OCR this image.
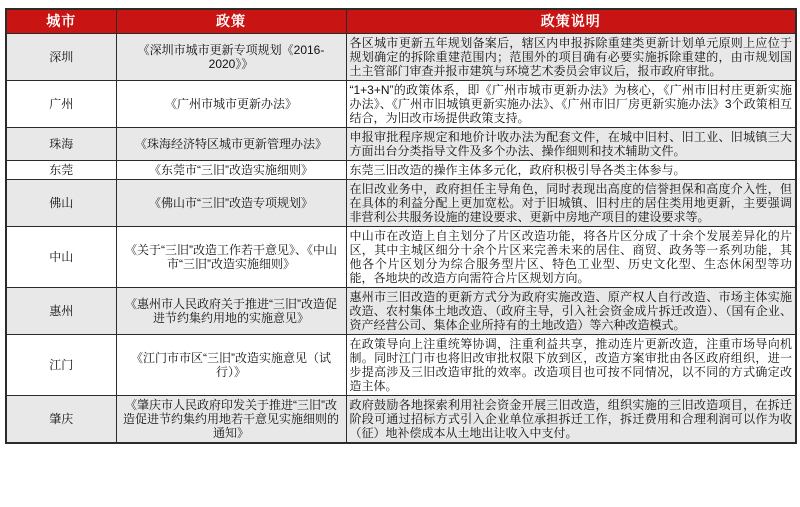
城市	政策	政策说明
深圳	《深圳市城市更新专项规划《2016-2020》》	各区城市更新五年规划备案后，辖区内申报拆除重建类更新计划单元原则上应位于规划确定的拆除重建范围内；范围外的项目确有必要实施拆除重建的，由市规划国土主管部门审查并报市建筑与环境艺术委员会审议后，报市政府审批。
广州	《广州市城市更新办法》	“1+3+N”的政策体系，即《广州市城市更新办法》为核心，《广州市旧村庄更新实施办法》、《广州市旧城镇更新实施办法》、《广州市旧厂房更新实施办法》3个政策相互结合，为旧改市场提供政策支持。
珠海	《珠海经济特区城市更新管理办法》	申报审批程序规定和地价计收办法为配套文件，在城中旧村、旧工业、旧城镇三大方面出台分类指导文件及多个办法、操作细则和技术辅助文件。
东莞	《东莞市“三旧”改造实施细则》	东莞三旧改造的操作主体多元化，政府积极引导各类主体参与。
佛山	《佛山市“三旧”改造专项规划》	在旧改业务中，政府担任主导角色，同时表现出高度的信誉担保和高度介入性，但在具体的利益分配上更加宽松。对于旧城镇、旧村庄的居住类用地更新，主要强调非营利公共服务设施的建设要求、更新中房地产项目的建设要求等。
中山	《关于“三旧”改造工作若干意见》、《中山市“三旧”改造实施细则》	中山市在改造上自主划分了片区改造功能，将各片区分成了十余个发展差异化的片区，其中主城区细分十余个片区来完善未来的居住、商贸、政务等一系列功能，其他各个片区划分为综合服务型片区、特色工业型、历史文化型、生态休闲型等功能，各地块的改造方向需符合片区规划方向。
惠州	《惠州市人民政府关于推进“三旧”改造促进节约集约用地的实施意见》	惠州市三旧改造的更新方式分为政府实施改造、原产权人自行改造、市场主体实施改造、农村集体土地改造、（政府主导，引入社会资金成片拆迁改造）、（国有企业、资产经营公司、集体企业所持有的土地改造）等六种改造模式。
江门	《江门市市区“三旧”改造实施意见（试行）》	在政策导向上注重统筹协调，注重利益共享，推动连片更新改造，注重市场导向机制。同时江门市也将旧改审批权限下放到区，改造方案审批由各区政府组织，进一步提高涉及三旧改造审批的效率。改造项目也可按不同情况，以不同的方式确定改造主体。
肇庆	《肇庆市人民政府印发关于推进“三旧”改造促进节约集约用地若干意见实施细则的通知》	政府鼓励各地探索利用社会资金开展三旧改造，组织实施的三旧改造项目，在拆迁阶段可通过招标方式引入企业单位承担拆迁工作，拆迁费用和合理利润可以作为收（征）地补偿成本从土地出让收入中支付。
